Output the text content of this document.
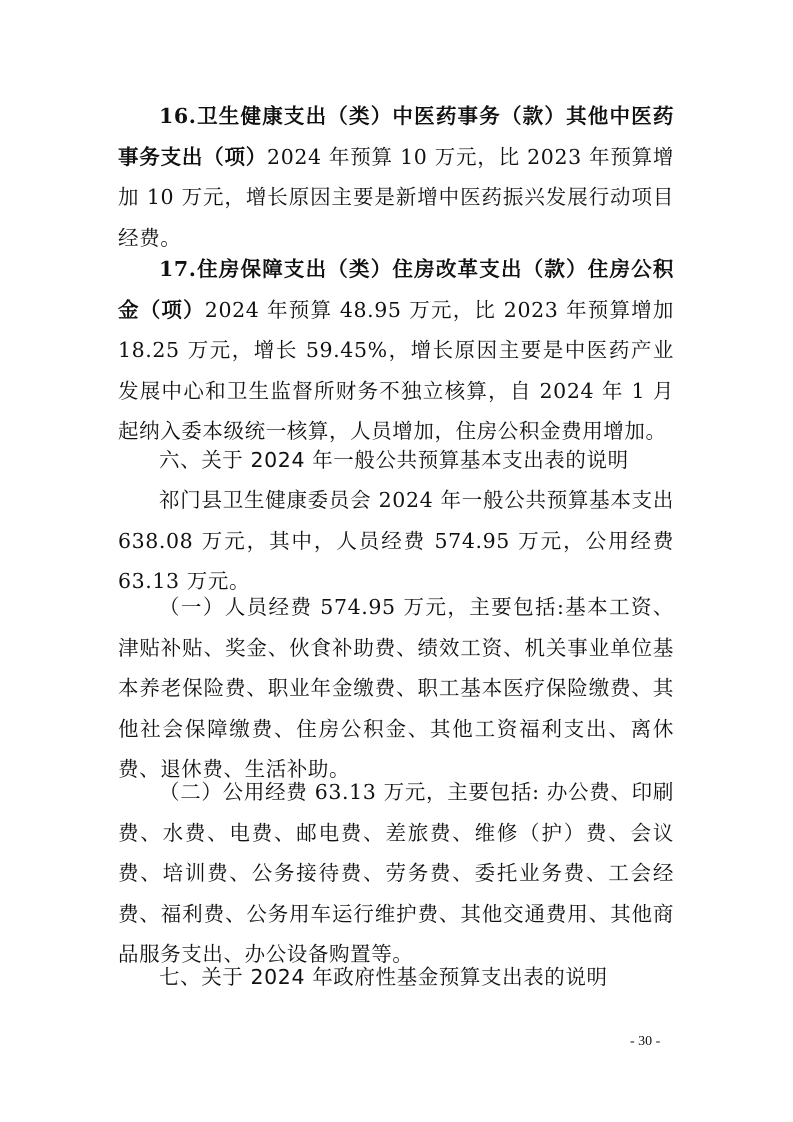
16.卫生健康支出（类）中医药事务（款）其他中医药事务支出（项）2024 年预算 10 万元，比 2023 年预算增加 10 万元，增长原因主要是新增中医药振兴发展行动项目经费。

17.住房保障支出（类）住房改革支出（款）住房公积金（项）2024 年预算 48.95 万元，比 2023 年预算增加 18.25 万元，增长 59.45%，增长原因主要是中医药产业发展中心和卫生监督所财务不独立核算，自 2024 年 1 月起纳入委本级统一核算，人员增加，住房公积金费用增加。

六、关于 2024 年一般公共预算基本支出表的说明

祁门县卫生健康委员会 2024 年一般公共预算基本支出 638.08 万元，其中，人员经费 574.95 万元，公用经费 63.13 万元。

（一）人员经费 574.95 万元，主要包括:基本工资、津贴补贴、奖金、伙食补助费、绩效工资、机关事业单位基本养老保险费、职业年金缴费、职工基本医疗保险缴费、其他社会保障缴费、住房公积金、其他工资福利支出、离休费、退休费、生活补助。

（二）公用经费 63.13 万元，主要包括: 办公费、印刷费、水费、电费、邮电费、差旅费、维修（护）费、会议费、培训费、公务接待费、劳务费、委托业务费、工会经费、福利费、公务用车运行维护费、其他交通费用、其他商品服务支出、办公设备购置等。

七、关于 2024 年政府性基金预算支出表的说明
- 30 -
